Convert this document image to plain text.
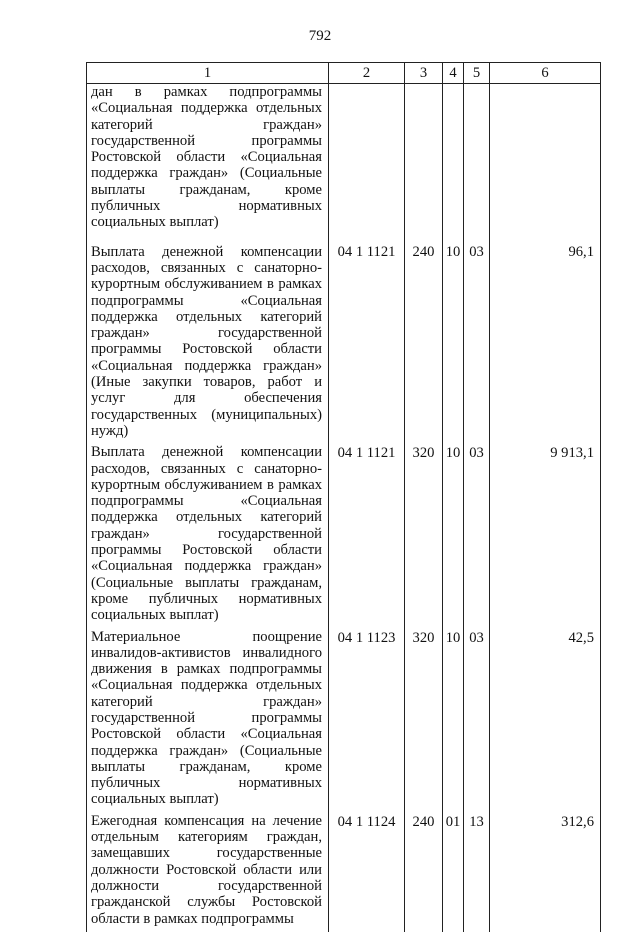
792
1	2	3	4	5	6
дан в рамках подпрограммы «Социальная поддержка отдельных категорий граждан» государственной программы Ростовской области «Социальная поддержка граждан» (Социальные выплаты гражданам, кроме публичных нормативных социальных выплат)					
Выплата денежной компенсации расходов, связанных с санаторно-курортным обслуживанием в рамках подпрограммы «Социальная поддержка отдельных категорий граждан» государственной программы Ростовской области «Социальная поддержка граждан» (Иные закупки товаров, работ и услуг для обеспечения государственных (муниципальных) нужд)	04 1 1121	240	10	03	96,1
Выплата денежной компенсации расходов, связанных с санаторно-курортным обслуживанием в рамках подпрограммы «Социальная поддержка отдельных категорий граждан» государственной программы Ростовской области «Социальная поддержка граждан» (Социальные выплаты гражданам, кроме публичных нормативных социальных выплат)	04 1 1121	320	10	03	9 913,1
Материальное поощрение инвалидов-активистов инвалидного движения в рамках подпрограммы «Социальная поддержка отдельных категорий граждан» государственной программы Ростовской области «Социальная поддержка граждан» (Социальные выплаты гражданам, кроме публичных нормативных социальных выплат)	04 1 1123	320	10	03	42,5
Ежегодная компенсация на лечение отдельным категориям граждан, замещавших государственные должности Ростовской области или должности государственной гражданской службы Ростовской области в рамках подпрограммы	04 1 1124	240	01	13	312,6
